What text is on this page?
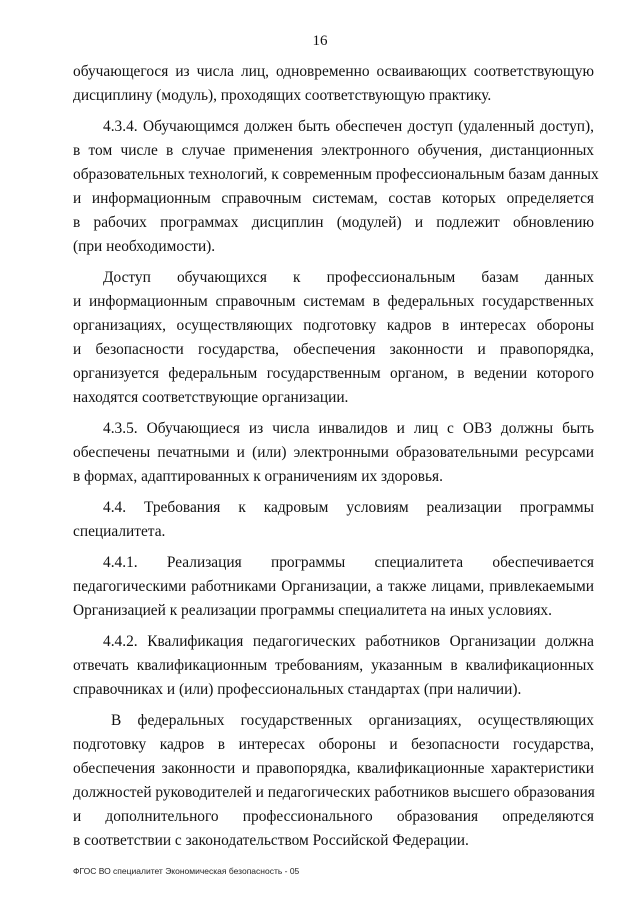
16
обучающегося из числа лиц, одновременно осваивающих соответствующую
дисциплину (модуль), проходящих соответствующую практику.
4.3.4. Обучающимся должен быть обеспечен доступ (удаленный доступ),
в том числе в случае применения электронного обучения, дистанционных
образовательных технологий, к современным профессиональным базам данных
и информационным справочным системам, состав которых определяется
в рабочих программах дисциплин (модулей) и подлежит обновлению
(при необходимости).
Доступ обучающихся к профессиональным базам данных
и информационным справочным системам в федеральных государственных
организациях, осуществляющих подготовку кадров в интересах обороны
и безопасности государства, обеспечения законности и правопорядка,
организуется федеральным государственным органом, в ведении которого
находятся соответствующие организации.
4.3.5. Обучающиеся из числа инвалидов и лиц с ОВЗ должны быть
обеспечены печатными и (или) электронными образовательными ресурсами
в формах, адаптированных к ограничениям их здоровья.
4.4. Требования к кадровым условиям реализации программы
специалитета.
4.4.1. Реализация программы специалитета обеспечивается
педагогическими работниками Организации, а также лицами, привлекаемыми
Организацией к реализации программы специалитета на иных условиях.
4.4.2. Квалификация педагогических работников Организации должна
отвечать квалификационным требованиям, указанным в квалификационных
справочниках и (или) профессиональных стандартах (при наличии).
В федеральных государственных организациях, осуществляющих
подготовку кадров в интересах обороны и безопасности государства,
обеспечения законности и правопорядка, квалификационные характеристики
должностей руководителей и педагогических работников высшего образования
и дополнительного профессионального образования определяются
в соответствии с законодательством Российской Федерации.
ФГОС ВО специалитет Экономическая безопасность - 05
